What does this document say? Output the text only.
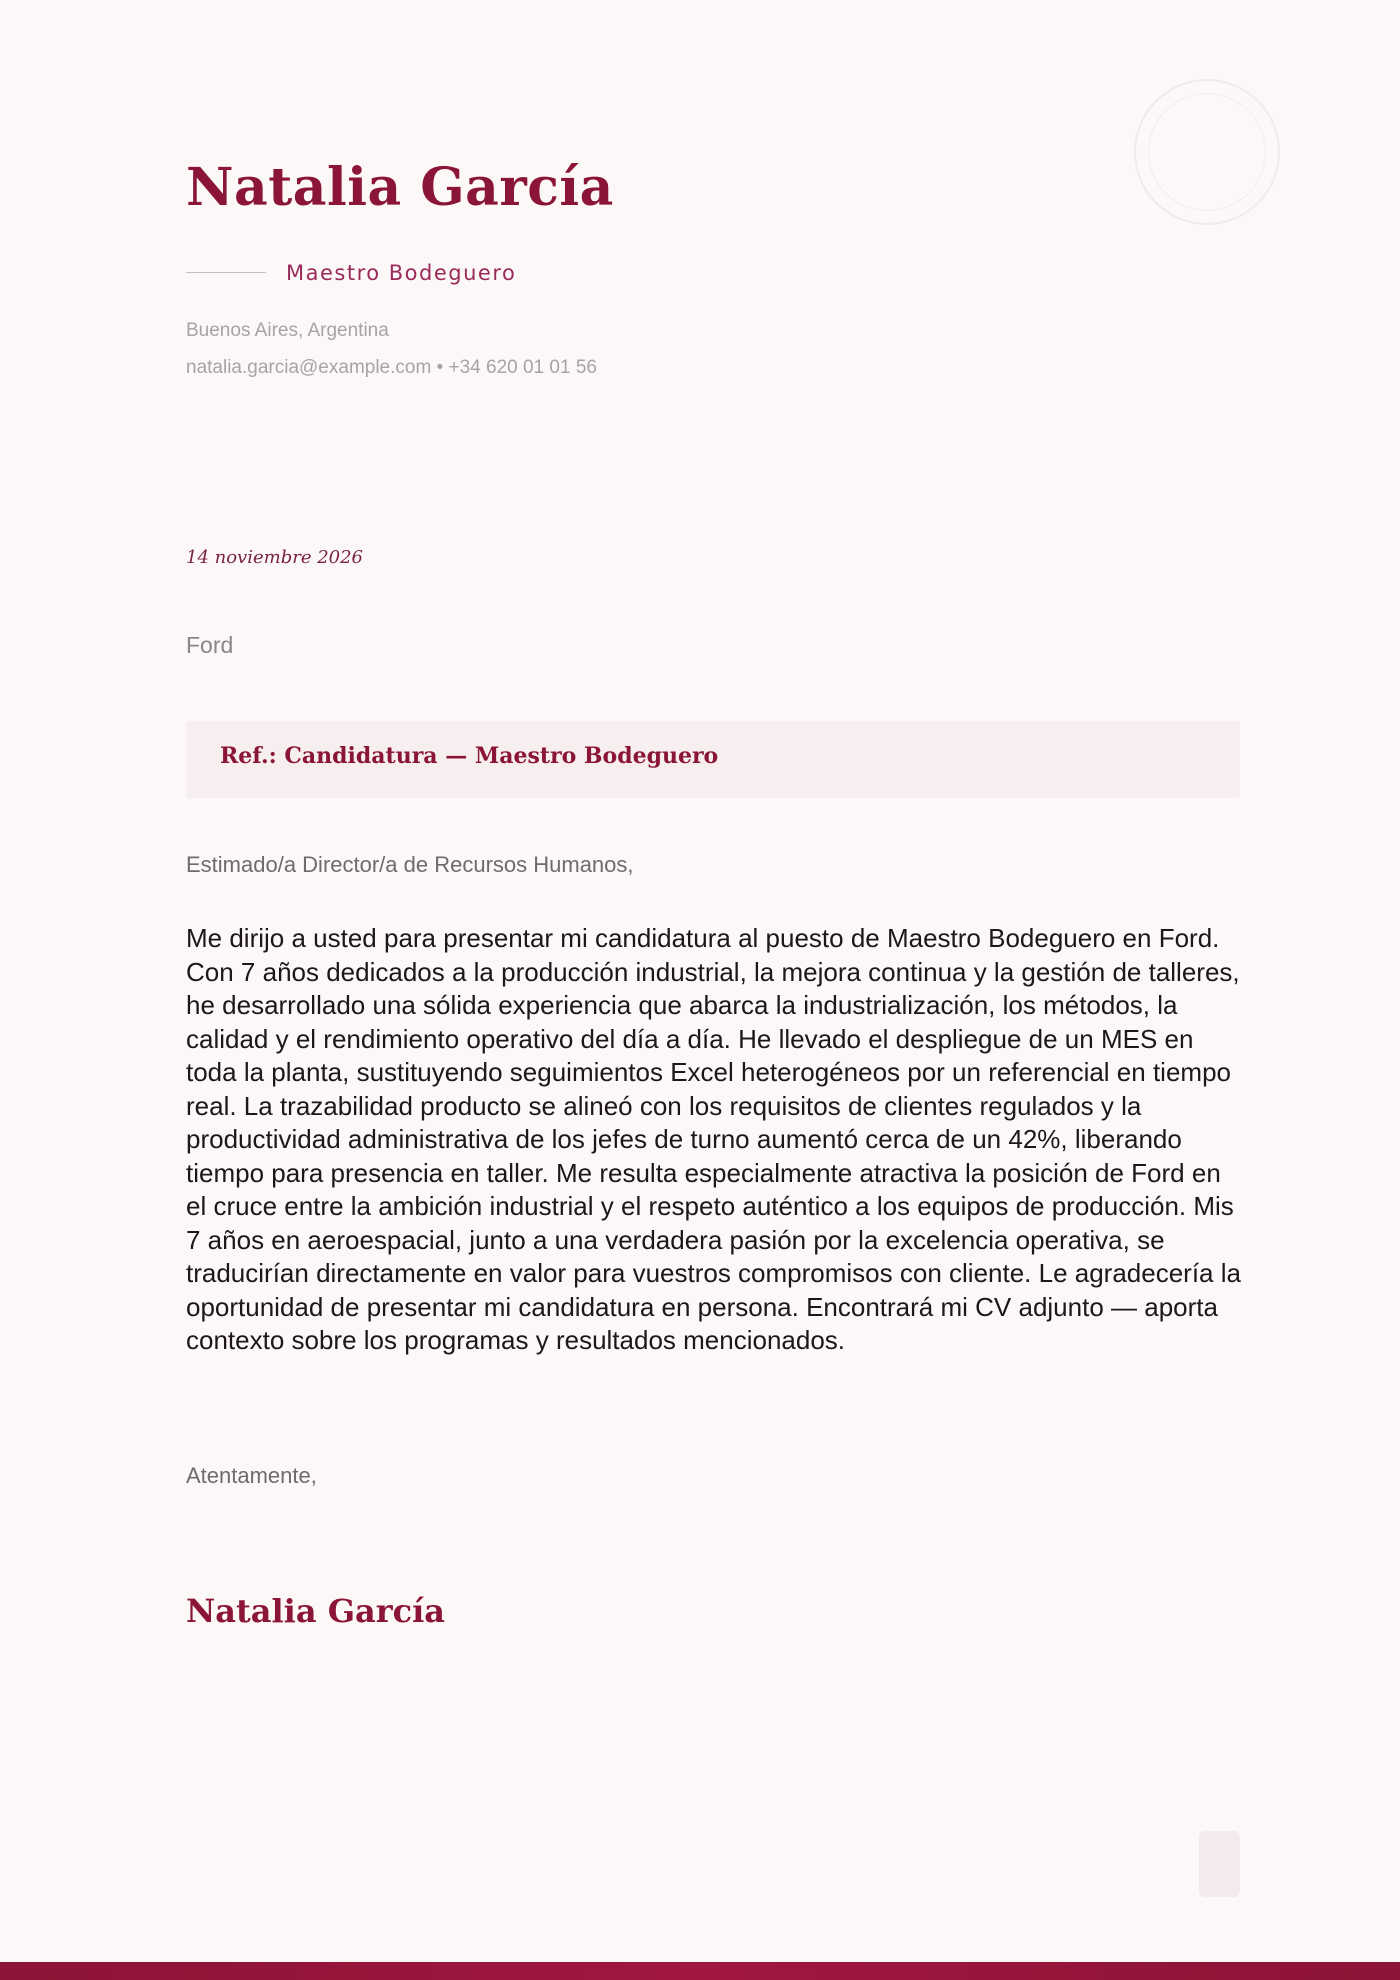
Natalia García
Maestro Bodeguero
Buenos Aires, Argentina
natalia.garcia@example.com • +34 620 01 01 56
14 noviembre 2026
Ford
Ref.: Candidatura — Maestro Bodeguero
Estimado/a Director/a de Recursos Humanos,

Me dirijo a usted para presentar mi candidatura al puesto de Maestro Bodeguero en Ford. Con 7 años dedicados a la producción industrial, la mejora continua y la gestión de talleres, he desarrollado una sólida experiencia que abarca la industrialización, los métodos, la calidad y el rendimiento operativo del día a día. He llevado el despliegue de un MES en toda la planta, sustituyendo seguimientos Excel heterogéneos por un referencial en tiempo real. La trazabilidad producto se alineó con los requisitos de clientes regulados y la productividad administrativa de los jefes de turno aumentó cerca de un 42%, liberando tiempo para presencia en taller. Me resulta especialmente atractiva la posición de Ford en el cruce entre la ambición industrial y el respeto auténtico a los equipos de producción. Mis 7 años en aeroespacial, junto a una verdadera pasión por la excelencia operativa, se traducirían directamente en valor para vuestros compromisos con cliente. Le agradecería la oportunidad de presentar mi candidatura en persona. Encontrará mi CV adjunto — aporta contexto sobre los programas y resultados mencionados.

Atentamente,
Natalia García
